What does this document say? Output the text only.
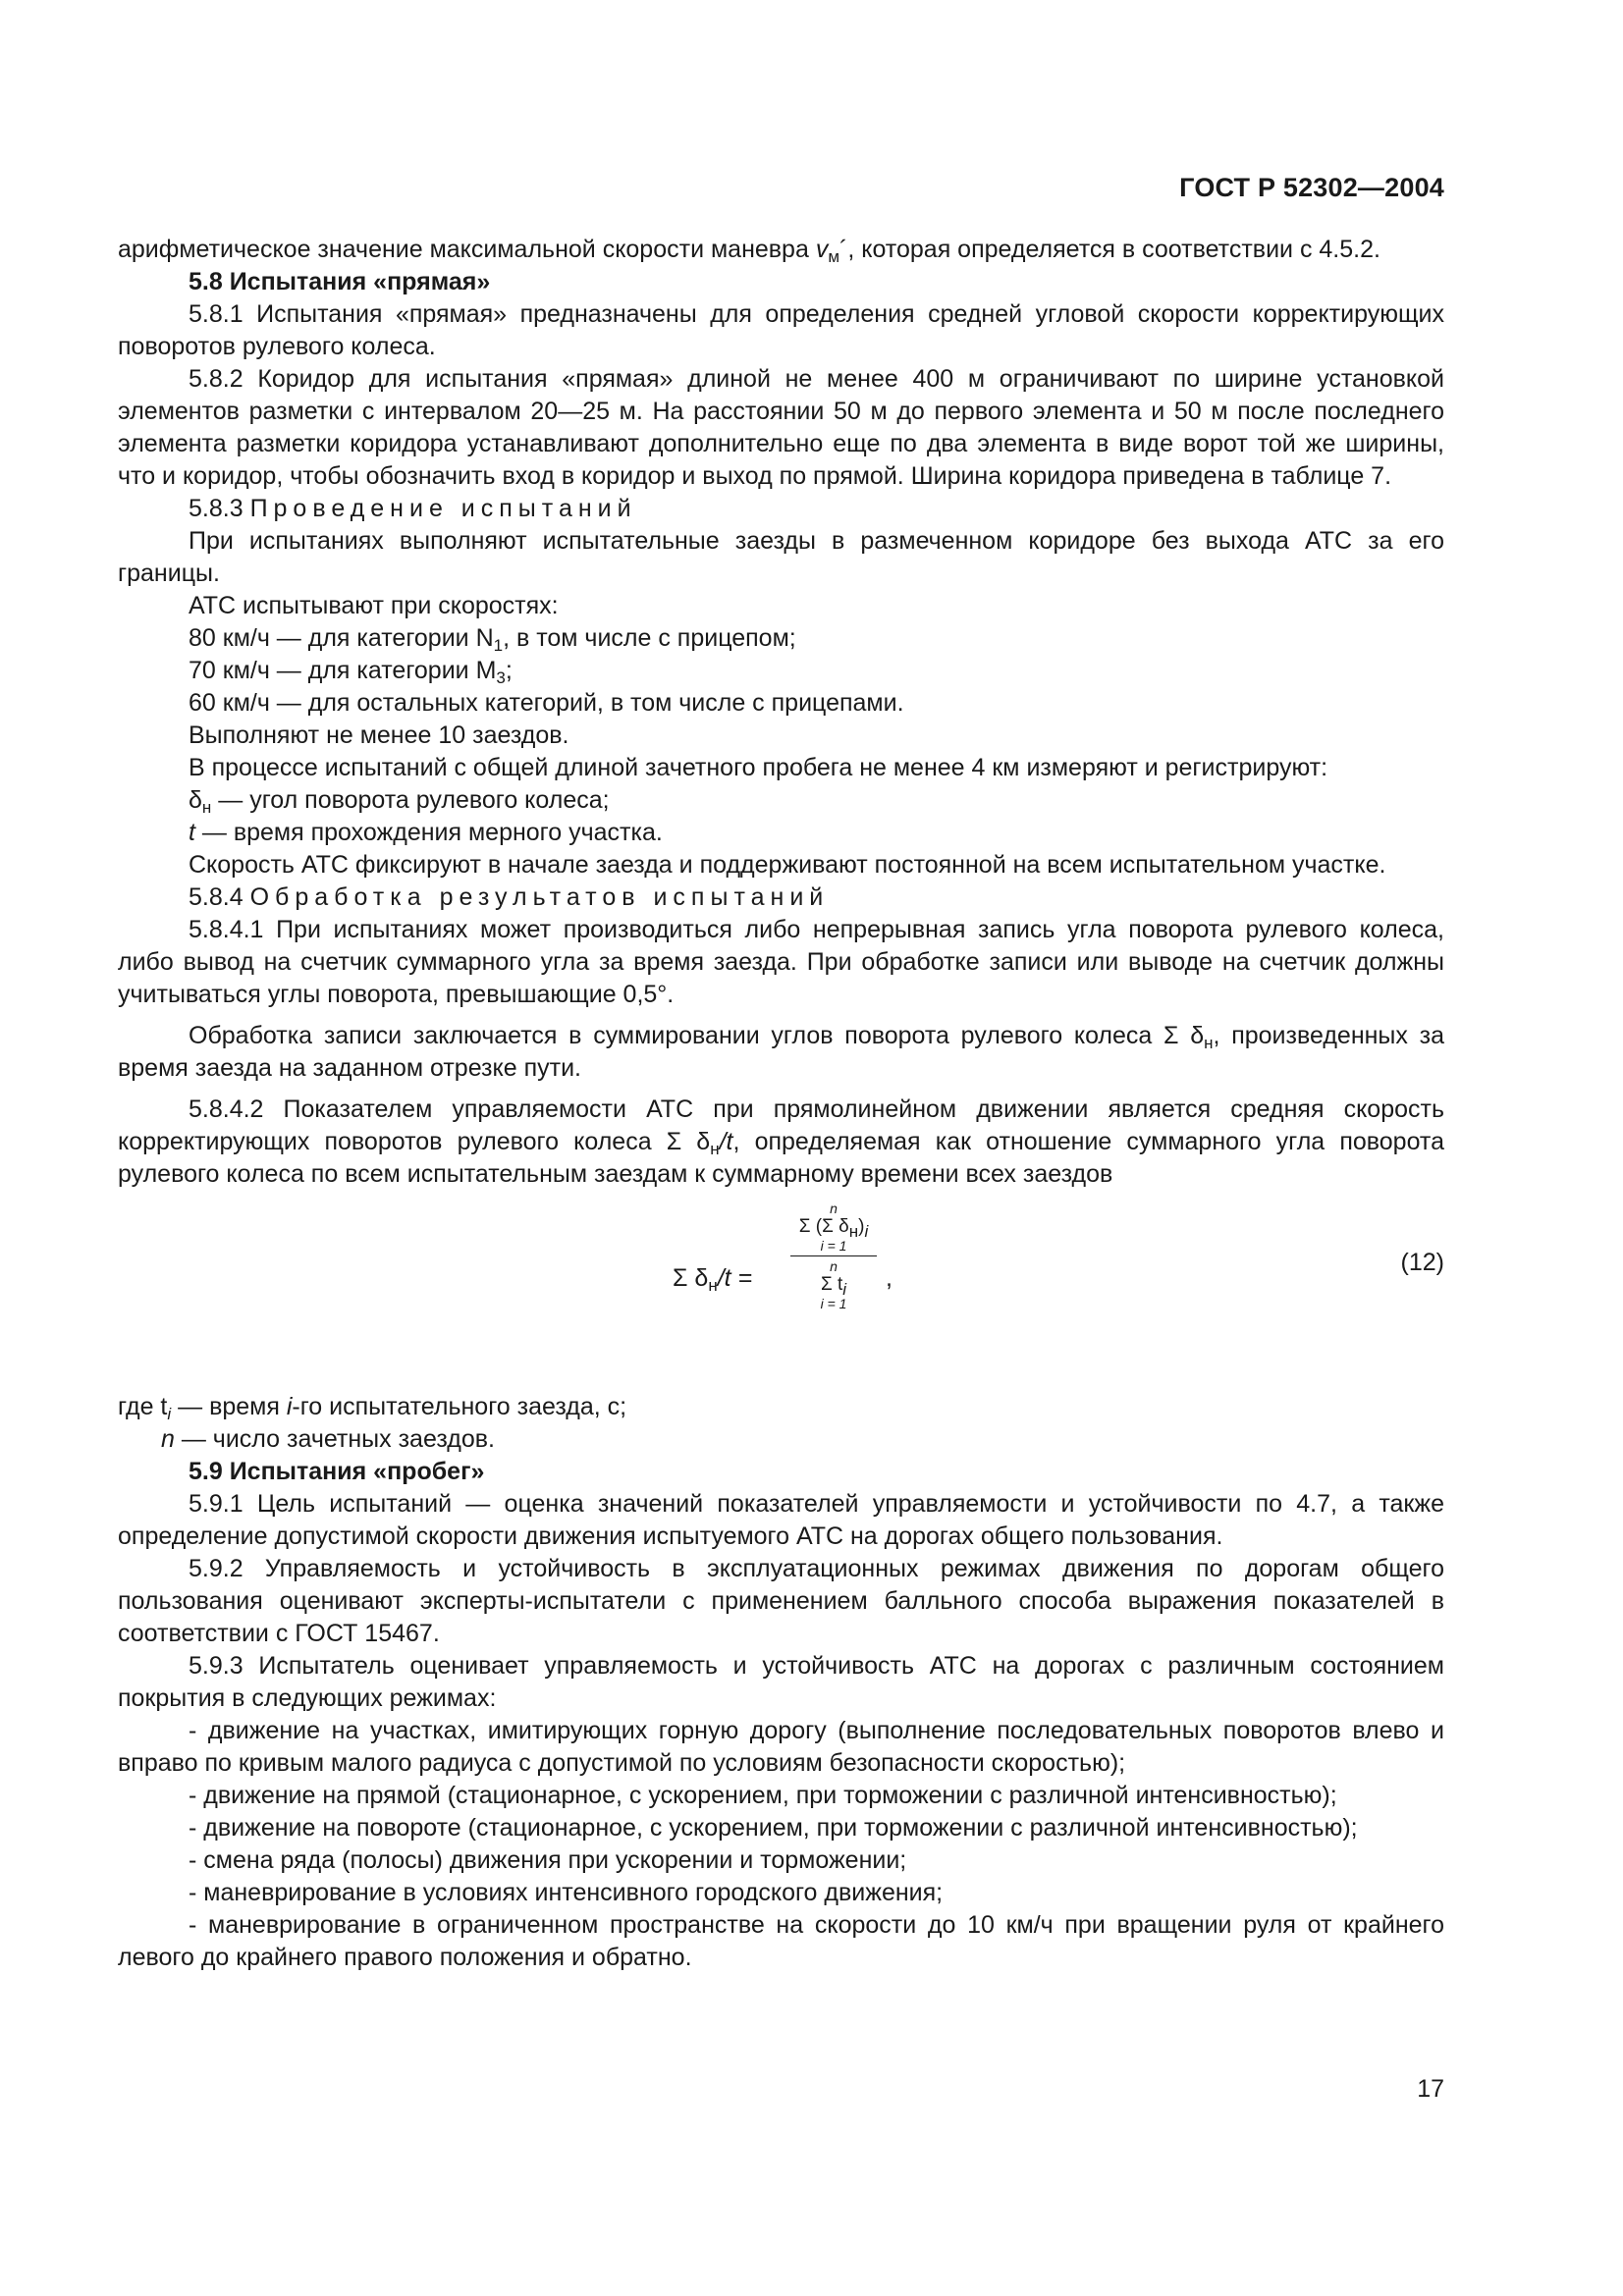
ГОСТ Р 52302—2004

арифметическое значение максимальной скорости маневра $v_м´$, которая определяется в соответствии с 4.5.2.

5.8 Испытания «прямая»

5.8.1 Испытания «прямая» предназначены для определения средней угловой скорости корректирующих поворотов рулевого колеса.

5.8.2 Коридор для испытания «прямая» длиной не менее 400 м ограничивают по ширине установкой элементов разметки с интервалом 20—25 м. На расстоянии 50 м до первого элемента и 50 м после последнего элемента разметки коридора устанавливают дополнительно еще по два элемента в виде ворот той же ширины, что и коридор, чтобы обозначить вход в коридор и выход по прямой. Ширина коридора приведена в таблице 7.

5.8.3 Проведение испытаний

При испытаниях выполняют испытательные заезды в размеченном коридоре без выхода АТС за его границы.

АТС испытывают при скоростях:

80 км/ч — для категории $N_1$, в том числе с прицепом;

70 км/ч — для категории $M_3$;

60 км/ч — для остальных категорий, в том числе с прицепами.

Выполняют не менее 10 заездов.

В процессе испытаний с общей длиной зачетного пробега не менее 4 км измеряют и регистрируют:

$\delta_н$ — угол поворота рулевого колеса;

t — время прохождения мерного участка.

Скорость АТС фиксируют в начале заезда и поддерживают постоянной на всем испытательном участке.

5.8.4 Обработка результатов испытаний

5.8.4.1 При испытаниях может производиться либо непрерывная запись угла поворота рулевого колеса, либо вывод на счетчик суммарного угла за время заезда. При обработке записи или выводе на счетчик должны учитываться углы поворота, превышающие 0,5°.

Обработка записи заключается в суммировании углов поворота рулевого колеса Σ $\delta_н$, произведенных за время заезда на заданном отрезке пути.

5.8.4.2 Показателем управляемости АТС при прямолинейном движении является средняя скорость корректирующих поворотов рулевого колеса Σ $\delta_н/t$, определяемая как отношение суммарного угла поворота рулевого колеса по всем испытательным заездам к суммарному времени всех заездов

Σ $\delta_н/t$ =
n
Σ (Σ $\delta_н)_i$
i = 1
n
Σ $t_i$
i = 1
,
(12)

где $t_i$ — время i-го испытательного заезда, с;

n — число зачетных заездов.

5.9 Испытания «пробег»

5.9.1 Цель испытаний — оценка значений показателей управляемости и устойчивости по 4.7, а также определение допустимой скорости движения испытуемого АТС на дорогах общего пользования.

5.9.2 Управляемость и устойчивость в эксплуатационных режимах движения по дорогам общего пользования оценивают эксперты-испытатели с применением балльного способа выражения показателей в соответствии с ГОСТ 15467.

5.9.3 Испытатель оценивает управляемость и устойчивость АТС на дорогах с различным состоянием покрытия в следующих режимах:

- движение на участках, имитирующих горную дорогу (выполнение последовательных поворотов влево и вправо по кривым малого радиуса с допустимой по условиям безопасности скоростью);

- движение на прямой (стационарное, с ускорением, при торможении с различной интенсивностью);

- движение на повороте (стационарное, с ускорением, при торможении с различной интенсивностью);

- смена ряда (полосы) движения при ускорении и торможении;

- маневрирование в условиях интенсивного городского движения;

- маневрирование в ограниченном пространстве на скорости до 10 км/ч при вращении руля от крайнего левого до крайнего правого положения и обратно.

17
